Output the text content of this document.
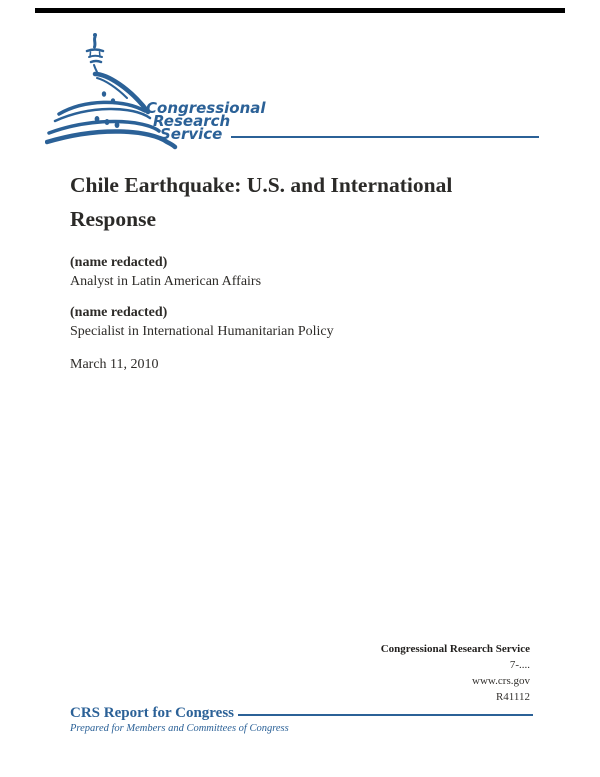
Congressional
Research
Service
Chile Earthquake: U.S. and International Response
(name redacted)
Analyst in Latin American Affairs
(name redacted)
Specialist in International Humanitarian Policy
March 11, 2010
Congressional Research Service
7-....
www.crs.gov
R41112
CRS Report for Congress
Prepared for Members and Committees of Congress
